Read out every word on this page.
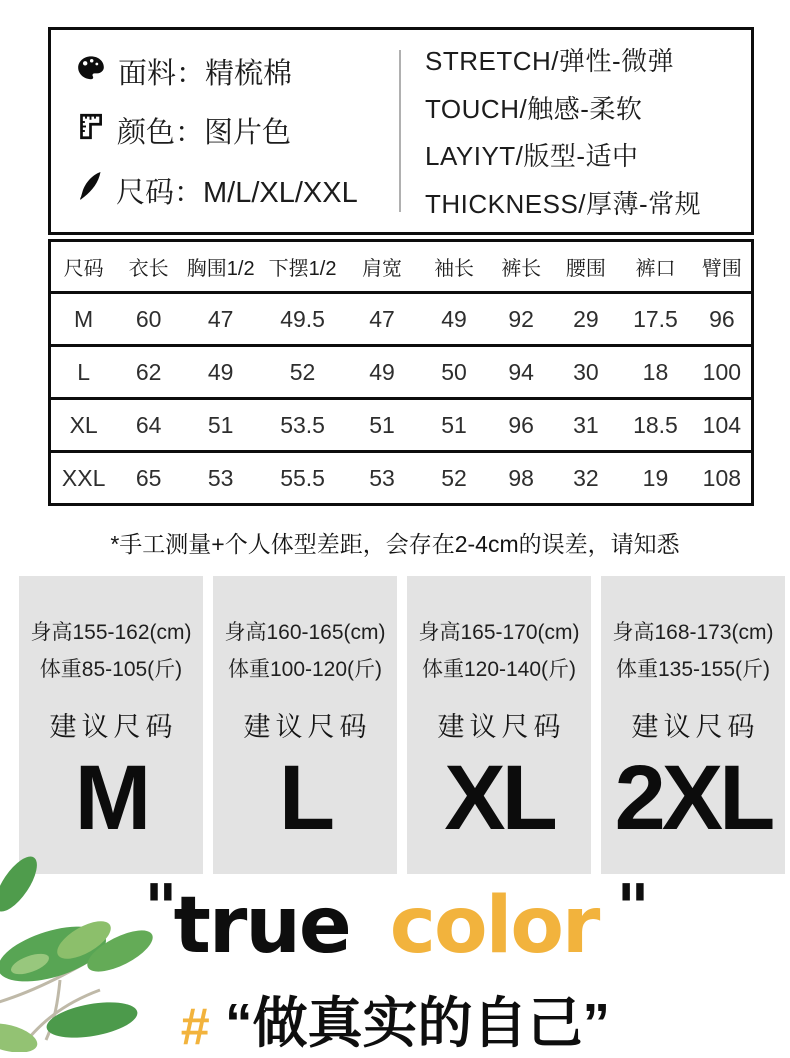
面料：精梳棉
颜色：图片色
尺码：M/L/XL/XXL
STRETCH/弹性-微弹
TOUCH/触感-柔软
LAYIYT/版型-适中
THICKNESS/厚薄-常规
尺码	衣长	胸围1/2	下摆1/2	肩宽	袖长	裤长	腰围	裤口	臂围
M	60	47	49.5	47	49	92	29	17.5	96
L	62	49	52	49	50	94	30	18	100
XL	64	51	53.5	51	51	96	31	18.5	104
XXL	65	53	55.5	53	52	98	32	19	108
*手工测量+个人体型差距，会存在2-4cm的误差，请知悉
身高155-162(cm)
体重85-105(斤)
建议尺码
M
身高160-165(cm)
体重100-120(斤)
建议尺码
L
身高165-170(cm)
体重120-140(斤)
建议尺码
XL
身高168-173(cm)
体重135-155(斤)
建议尺码
2XL
"true color "
# “做真实的自己”
